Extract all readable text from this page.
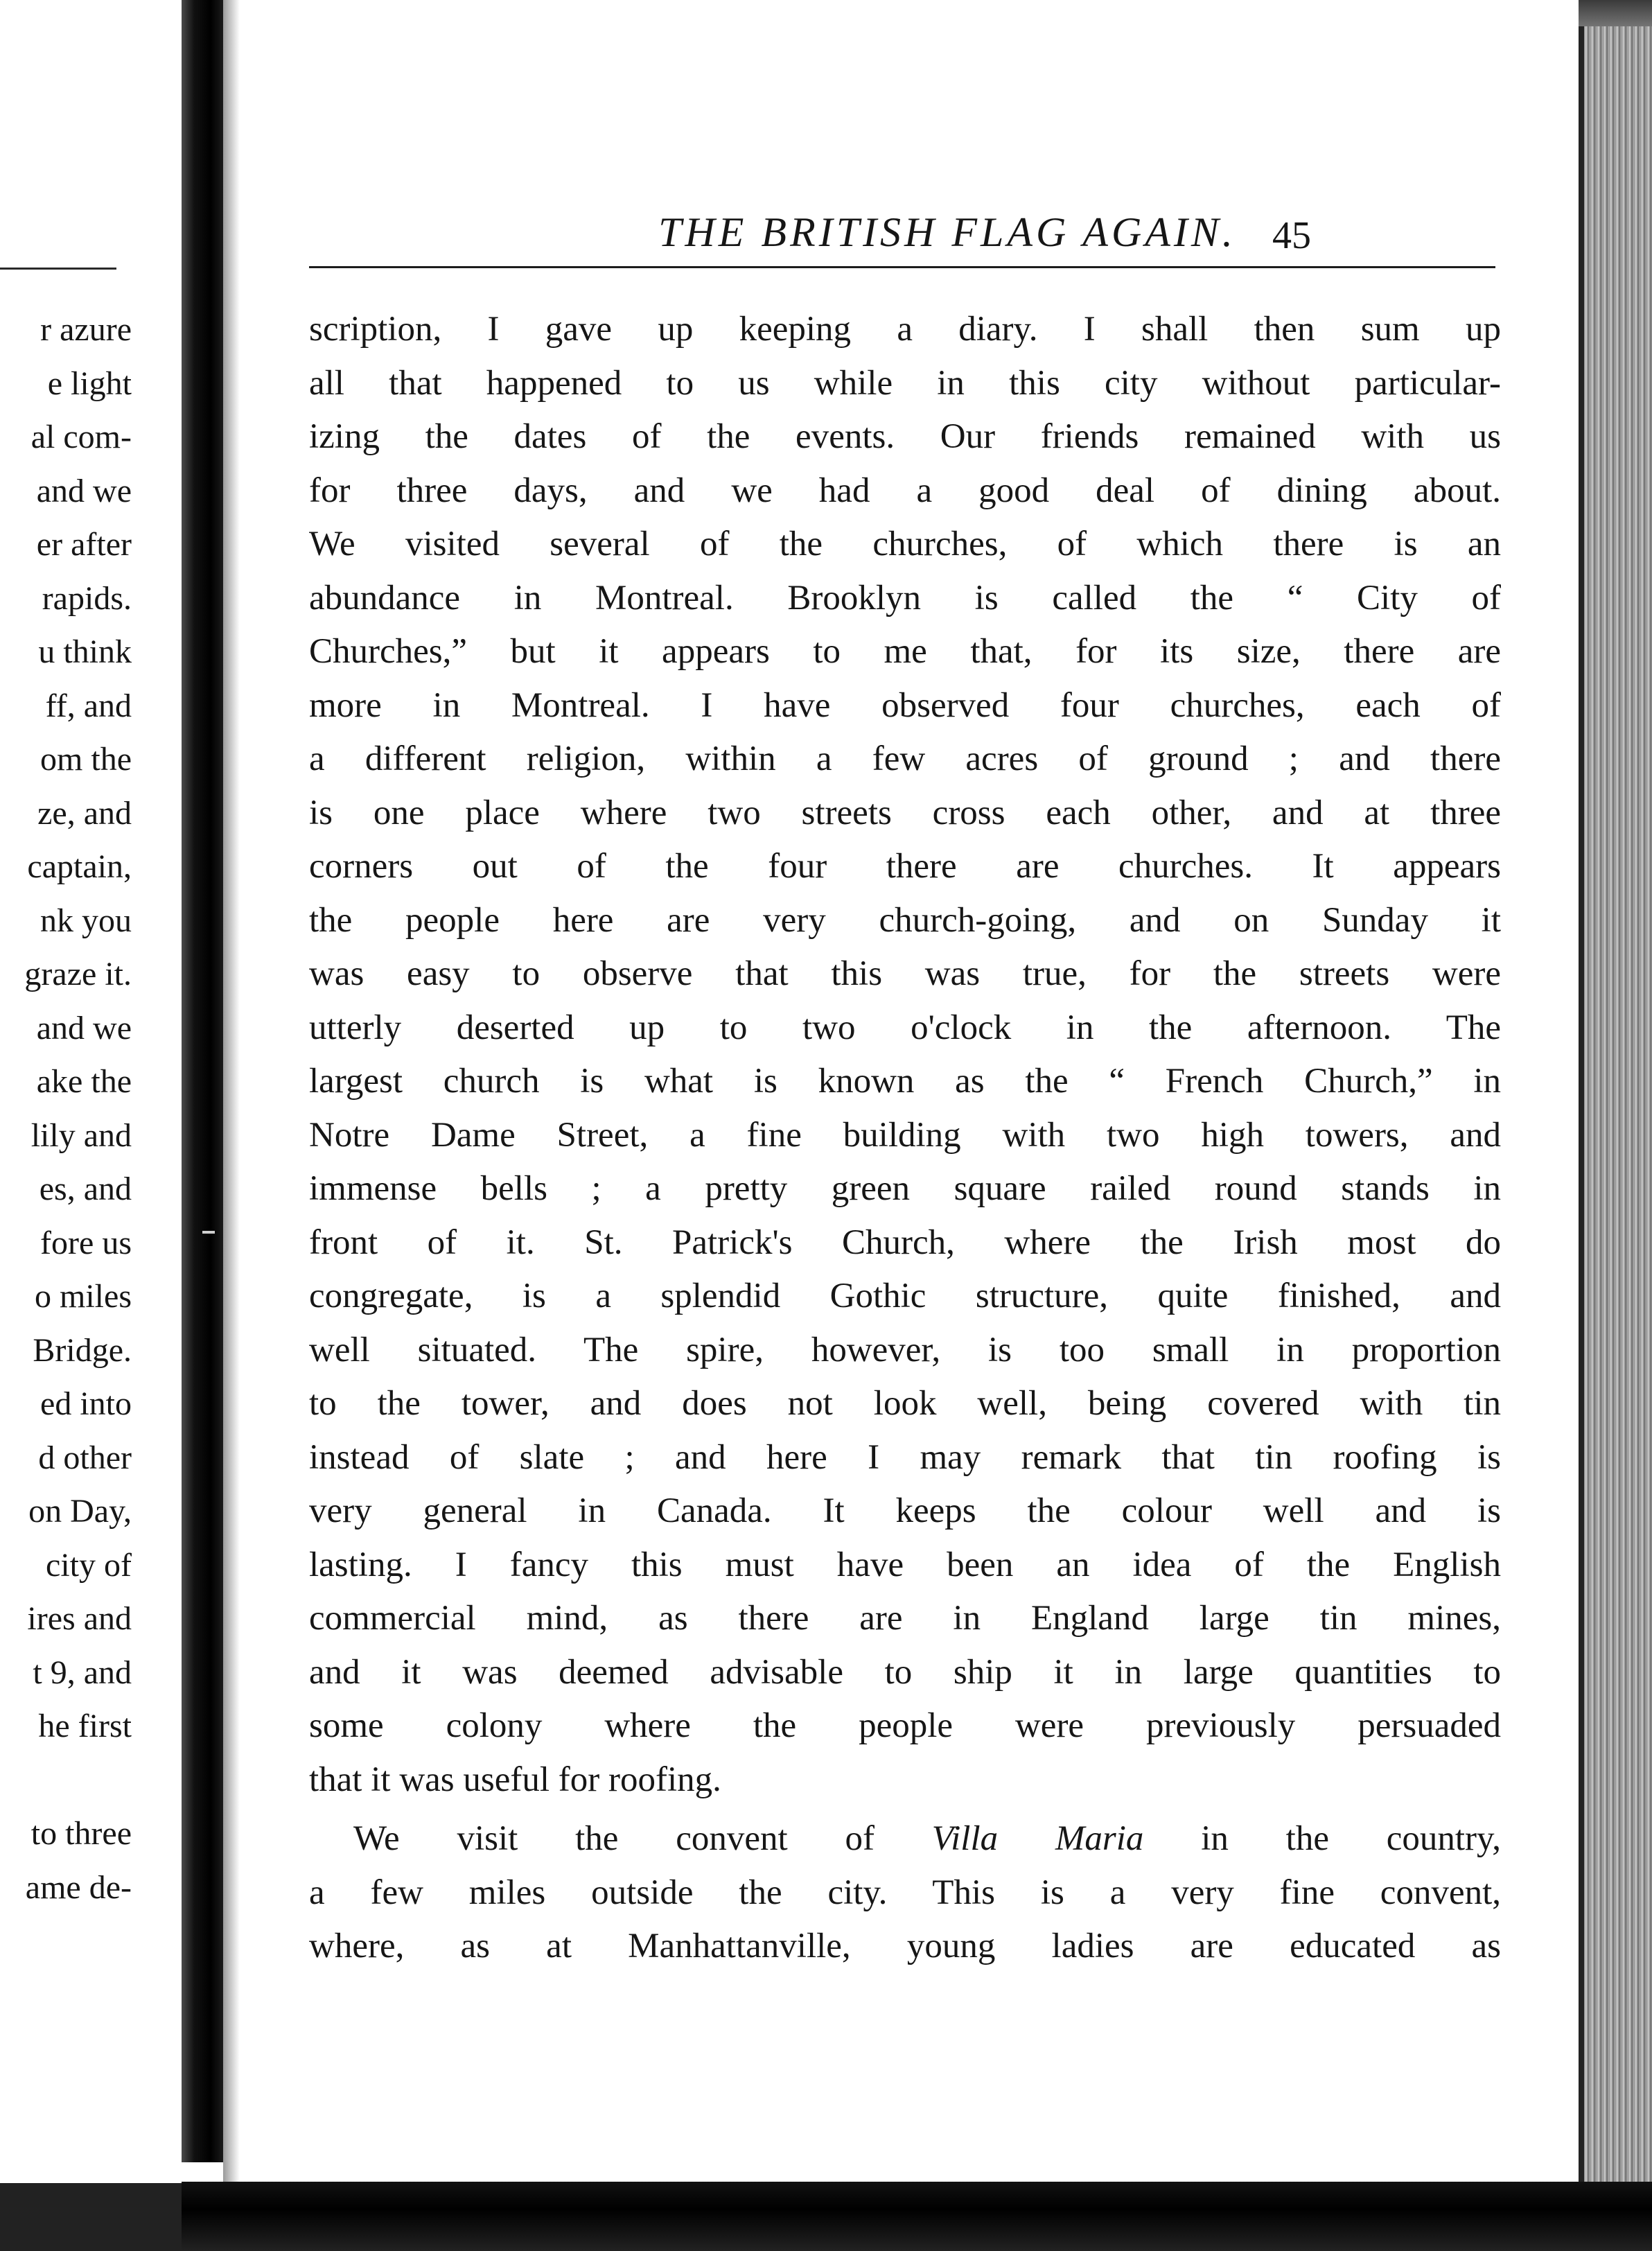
r azure
e light
al com-
and we
er after
rapids.
u think
ff, and
om the
ze, and
captain,
nk you
graze it.
and we
ake the
lily and
es, and
fore us
o miles
Bridge.
ed into
d other
on Day,
city of
ires and
t 9, and
he first
to three
ame de-
THE BRITISH FLAG AGAIN. 45
scription, I gave up keeping a diary. I shall then sum up
all that happened to us while in this city without particular-
izing the dates of the events. Our friends remained with us
for three days, and we had a good deal of dining about.
We visited several of the churches, of which there is an
abundance in Montreal. Brooklyn is called the “ City of
Churches,” but it appears to me that, for its size, there are
more in Montreal. I have observed four churches, each of
a different religion, within a few acres of ground ; and there
is one place where two streets cross each other, and at three
corners out of the four there are churches. It appears
the people here are very church-going, and on Sunday it
was easy to observe that this was true, for the streets were
utterly deserted up to two o'clock in the afternoon. The
largest church is what is known as the “ French Church,” in
Notre Dame Street, a fine building with two high towers, and
immense bells ; a pretty green square railed round stands in
front of it. St. Patrick's Church, where the Irish most do
congregate, is a splendid Gothic structure, quite finished, and
well situated. The spire, however, is too small in proportion
to the tower, and does not look well, being covered with tin
instead of slate ; and here I may remark that tin roofing is
very general in Canada. It keeps the colour well and is
lasting. I fancy this must have been an idea of the English
commercial mind, as there are in England large tin mines,
and it was deemed advisable to ship it in large quantities to
some colony where the people were previously persuaded
that it was useful for roofing.
We visit the convent of Villa Maria in the country,
a few miles outside the city. This is a very fine convent,
where, as at Manhattanville, young ladies are educated as
